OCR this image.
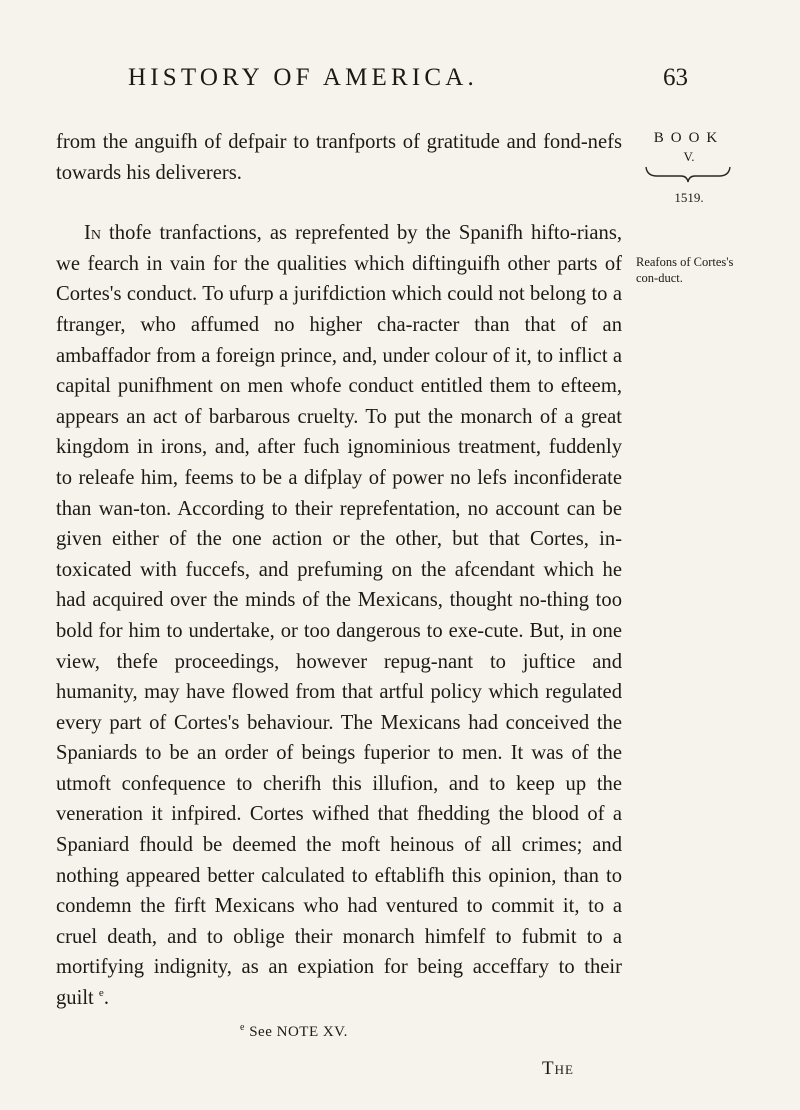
HISTORY OF AMERICA.	63
BOOK
V.
1519.
Reafons of Cortes's con-duct.

from the anguifh of defpair to tranfports of gratitude and fond-nefs towards his deliverers.

In thofe tranfactions, as reprefented by the Spanifh hifto-rians, we fearch in vain for the qualities which diftinguifh other parts of Cortes's conduct. To ufurp a jurifdiction which could not belong to a ftranger, who affumed no higher cha-racter than that of an ambaffador from a foreign prince, and, under colour of it, to inflict a capital punifhment on men whofe conduct entitled them to efteem, appears an act of barbarous cruelty. To put the monarch of a great kingdom in irons, and, after fuch ignominious treatment, fuddenly to releafe him, feems to be a difplay of power no lefs inconfiderate than wan-ton. According to their reprefentation, no account can be given either of the one action or the other, but that Cortes, in-toxicated with fuccefs, and prefuming on the afcendant which he had acquired over the minds of the Mexicans, thought no-thing too bold for him to undertake, or too dangerous to exe-cute. But, in one view, thefe proceedings, however repug-nant to juftice and humanity, may have flowed from that artful policy which regulated every part of Cortes's behaviour. The Mexicans had conceived the Spaniards to be an order of beings fuperior to men. It was of the utmoft confequence to cherifh this illufion, and to keep up the veneration it infpired. Cortes wifhed that fhedding the blood of a Spaniard fhould be deemed the moft heinous of all crimes; and nothing appeared better calculated to eftablifh this opinion, than to condemn the firft Mexicans who had ventured to commit it, to a cruel death, and to oblige their monarch himfelf to fubmit to a mortifying indignity, as an expiation for being acceffary to their guilt $^e$.

$^e$ See NOTE XV.
The
